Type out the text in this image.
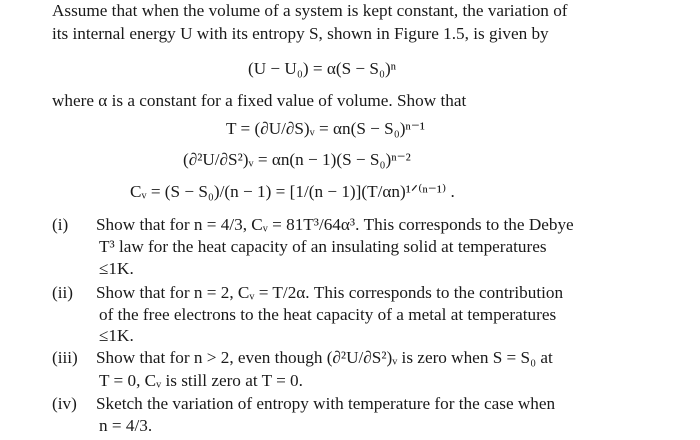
Assume that when the volume of a system is kept constant, the variation of
its internal energy U with its entropy S, shown in Figure 1.5, is given by
(U − U₀) = α(S − S₀)ⁿ
where α is a constant for a fixed value of volume. Show that
T = (∂U/∂S)ᵥ = αn(S − S₀)ⁿ⁻¹
(∂²U/∂S²)ᵥ = αn(n − 1)(S − S₀)ⁿ⁻²
Cᵥ = (S − S₀)/(n − 1) = [1/(n − 1)](T/αn)¹ᐟ⁽ⁿ⁻¹⁾ .
(i) Show that for n = 4/3, Cᵥ = 81T³/64α³. This corresponds to the Debye
T³ law for the heat capacity of an insulating solid at temperatures
≤1K.
(ii) Show that for n = 2, Cᵥ = T/2α. This corresponds to the contribution
of the free electrons to the heat capacity of a metal at temperatures
≤1K.
(iii) Show that for n > 2, even though (∂²U/∂S²)ᵥ is zero when S = S₀ at
T = 0, Cᵥ is still zero at T = 0.
(iv) Sketch the variation of entropy with temperature for the case when
n = 4/3.
